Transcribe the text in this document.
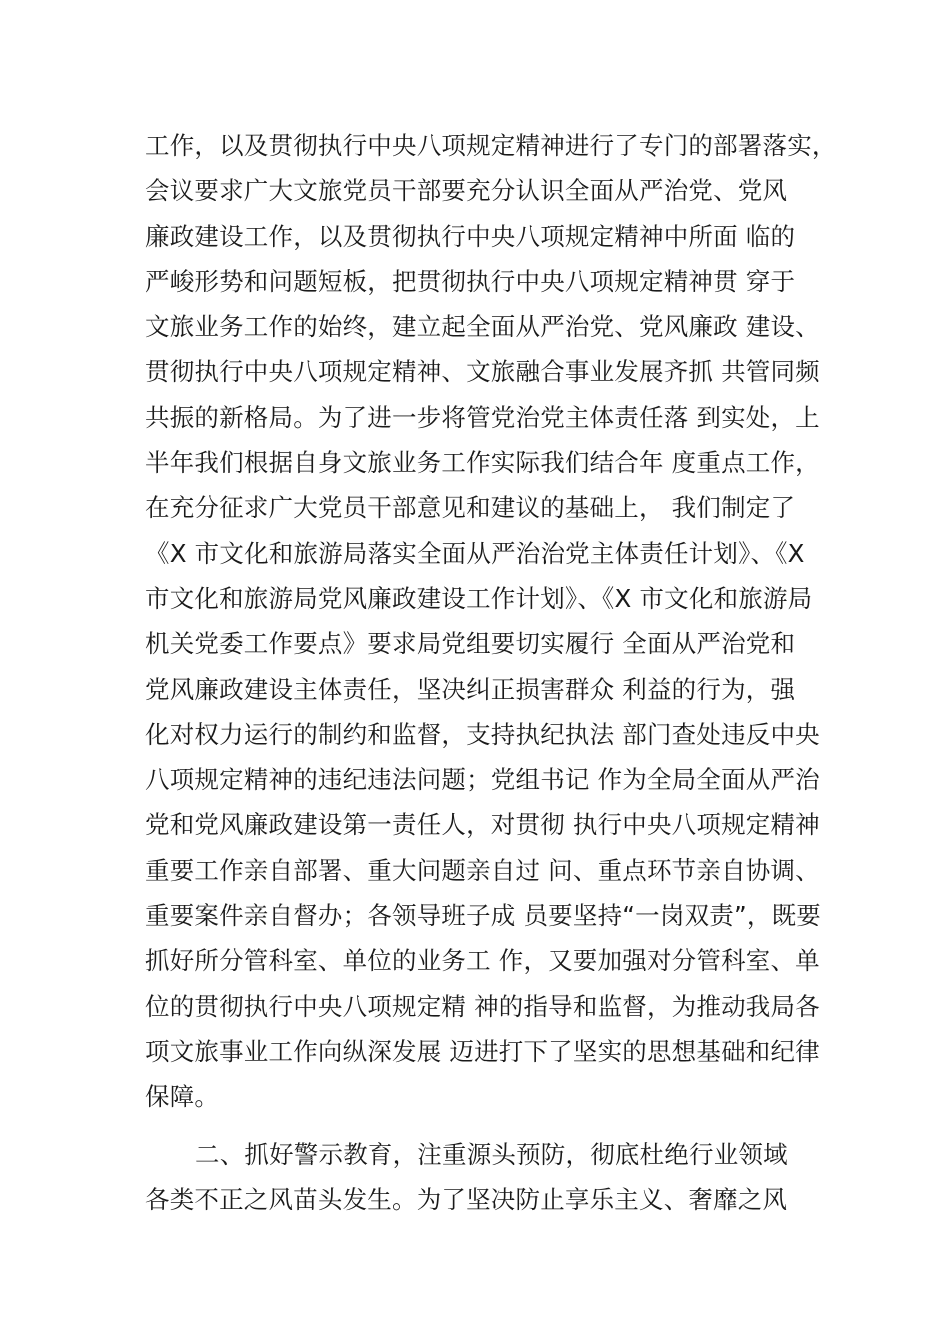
工作，以及贯彻执行中央八项规定精神进行了专门的部署落实，
会议要求广大文旅党员干部要充分认识全面从严治党、党风
廉政建设工作，以及贯彻执行中央八项规定精神中所面 临的
严峻形势和问题短板，把贯彻执行中央八项规定精神贯 穿于
文旅业务工作的始终，建立起全面从严治党、党风廉政 建设、
贯彻执行中央八项规定精神、文旅融合事业发展齐抓 共管同频
共振的新格局。为了进一步将管党治党主体责任落 到实处，上
半年我们根据自身文旅业务工作实际我们结合年 度重点工作，
在充分征求广大党员干部意见和建议的基础上， 我们制定了
《X 市文化和旅游局落实全面从严治治党主体责任计划》、《X
市文化和旅游局党风廉政建设工作计划》、《X 市文化和旅游局
机关党委工作要点》要求局党组要切实履行 全面从严治党和
党风廉政建设主体责任，坚决纠正损害群众 利益的行为，强
化对权力运行的制约和监督，支持执纪执法 部门查处违反中央
八项规定精神的违纪违法问题；党组书记 作为全局全面从严治
党和党风廉政建设第一责任人，对贯彻 执行中央八项规定精神
重要工作亲自部署、重大问题亲自过 问、重点环节亲自协调、
重要案件亲自督办；各领导班子成 员要坚持“一岗双责”，既要
抓好所分管科室、单位的业务工 作，又要加强对分管科室、单
位的贯彻执行中央八项规定精 神的指导和监督，为推动我局各
项文旅事业工作向纵深发展 迈进打下了坚实的思想基础和纪律
保障。
二、抓好警示教育，注重源头预防，彻底杜绝行业领域
各类不正之风苗头发生。为了坚决防止享乐主义、奢靡之风
